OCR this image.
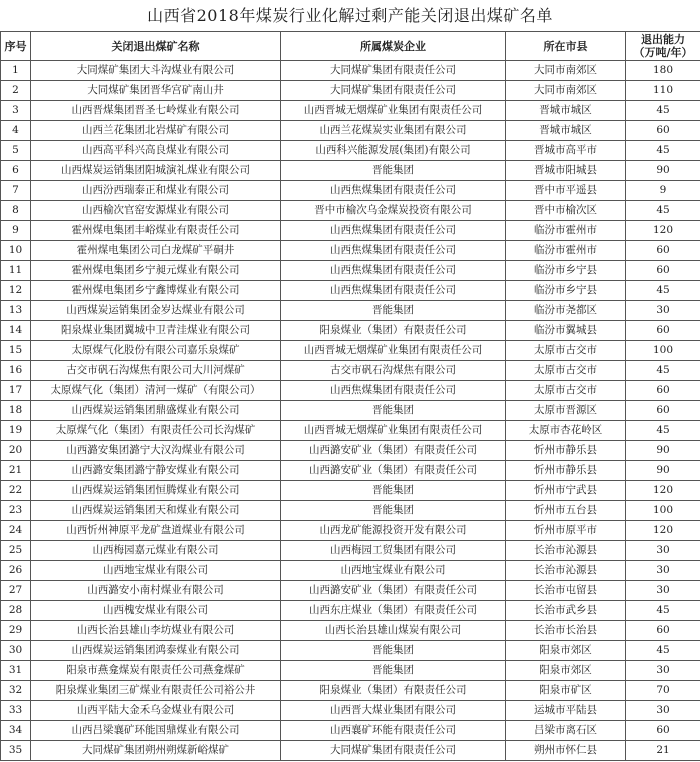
山西省2018年煤炭行业化解过剩产能关闭退出煤矿名单
序号	关闭退出煤矿名称	所属煤炭企业	所在市县	退出能力
（万吨/年）
1	大同煤矿集团大斗沟煤业有限公司	大同煤矿集团有限责任公司	大同市南郊区	180
2	大同煤矿集团晋华宫矿南山井	大同煤矿集团有限责任公司	大同市南郊区	110
3	山西晋煤集团晋圣七岭煤业有限公司	山西晋城无烟煤矿业集团有限责任公司	晋城市城区	45
4	山西兰花集团北岩煤矿有限公司	山西兰花煤炭实业集团有限公司	晋城市城区	60
5	山西高平科兴高良煤业有限公司	山西科兴能源发展(集团)有限公司	晋城市高平市	45
6	山西煤炭运销集团阳城演礼煤业有限公司	晋能集团	晋城市阳城县	90
7	山西汾西瑞泰正和煤业有限公司	山西焦煤集团有限责任公司	晋中市平遥县	9
8	山西榆次官窑安源煤业有限公司	晋中市榆次乌金煤炭投资有限公司	晋中市榆次区	45
9	霍州煤电集团丰峪煤业有限责任公司	山西焦煤集团有限责任公司	临汾市霍州市	120
10	霍州煤电集团公司白龙煤矿平硐井	山西焦煤集团有限责任公司	临汾市霍州市	60
11	霍州煤电集团乡宁昶元煤业有限公司	山西焦煤集团有限责任公司	临汾市乡宁县	60
12	霍州煤电集团乡宁鑫博煤业有限公司	山西焦煤集团有限责任公司	临汾市乡宁县	45
13	山西煤炭运销集团金岁达煤业有限公司	晋能集团	临汾市尧都区	30
14	阳泉煤业集团翼城中卫青洼煤业有限公司	阳泉煤业（集团）有限责任公司	临汾市翼城县	60
15	太原煤气化股份有限公司嘉乐泉煤矿	山西晋城无烟煤矿业集团有限责任公司	太原市古交市	100
16	古交市矾石沟煤焦有限公司大川河煤矿	古交市矾石沟煤焦有限公司	太原市古交市	45
17	太原煤气化（集团）清河一煤矿（有限公司）	山西焦煤集团有限责任公司	太原市古交市	60
18	山西煤炭运销集团鼎盛煤业有限公司	晋能集团	太原市晋源区	60
19	太原煤气化（集团）有限责任公司长沟煤矿	山西晋城无烟煤矿业集团有限责任公司	太原市杏花岭区	45
20	山西潞安集团潞宁大汉沟煤业有限公司	山西潞安矿业（集团）有限责任公司	忻州市静乐县	90
21	山西潞安集团潞宁静安煤业有限公司	山西潞安矿业（集团）有限责任公司	忻州市静乐县	90
22	山西煤炭运销集团恒腾煤业有限公司	晋能集团	忻州市宁武县	120
23	山西煤炭运销集团天和煤业有限公司	晋能集团	忻州市五台县	100
24	山西忻州神原平龙矿盘道煤业有限公司	山西龙矿能源投资开发有限公司	忻州市原平市	120
25	山西梅园嘉元煤业有限公司	山西梅园工贸集团有限公司	长治市沁源县	30
26	山西地宝煤业有限公司	山西地宝煤业有限公司	长治市沁源县	30
27	山西潞安小南村煤业有限公司	山西潞安矿业（集团）有限责任公司	长治市屯留县	30
28	山西槐安煤业有限公司	山西东庄煤业（集团）有限责任公司	长治市武乡县	45
29	山西长治县雄山李坊煤业有限公司	山西长治县雄山煤炭有限公司	长治市长治县	60
30	山西煤炭运销集团鸿泰煤业有限公司	晋能集团	阳泉市郊区	45
31	阳泉市燕龛煤炭有限责任公司燕龛煤矿	晋能集团	阳泉市郊区	30
32	阳泉煤业集团三矿煤业有限责任公司裕公井	阳泉煤业（集团）有限责任公司	阳泉市矿区	70
33	山西平陆大金禾乌金煤业有限公司	山西晋大煤业集团有限公司	运城市平陆县	30
34	山西吕梁襄矿环能国鼎煤业有限公司	山西襄矿环能有限责任公司	吕梁市离石区	60
35	大同煤矿集团朔州朔煤新峪煤矿	大同煤矿集团有限责任公司	朔州市怀仁县	21
